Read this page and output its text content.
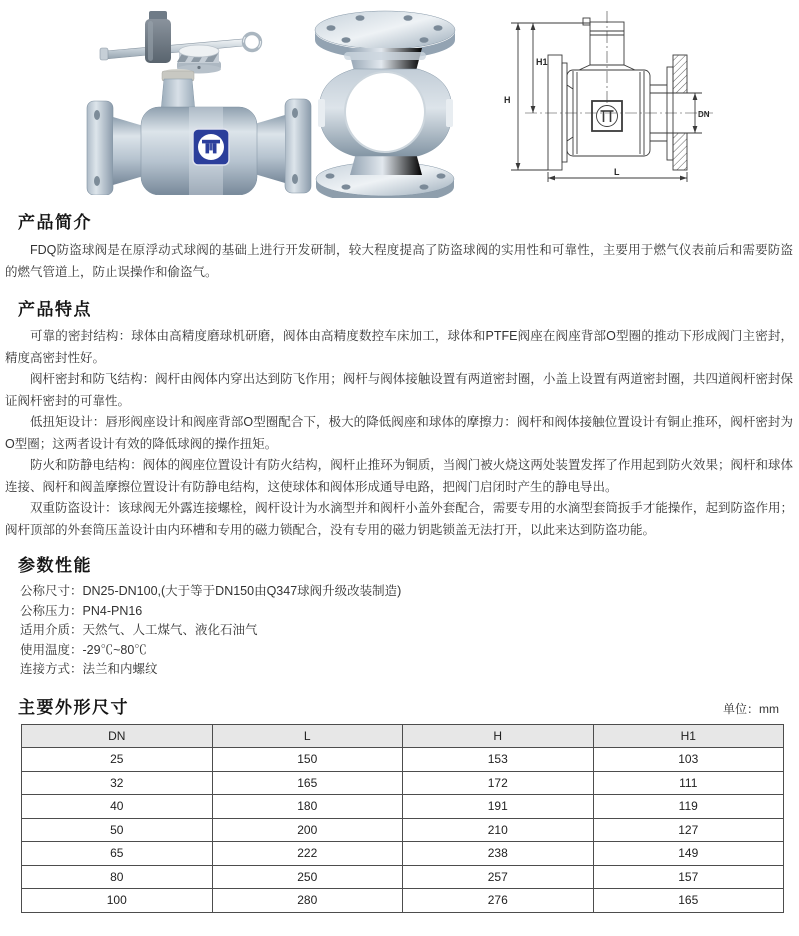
H
H1
DN
L
产品简介

FDQ防盗球阀是在原浮动式球阀的基础上进行开发研制，较大程度提高了防盗球阀的实用性和可靠性，主要用于燃气仪表前后和需要防盗的燃气管道上，防止误操作和偷盗气。

产品特点

可靠的密封结构：球体由高精度磨球机研磨，阀体由高精度数控车床加工，球体和PTFE阀座在阀座背部O型圈的推动下形成阀门主密封，精度高密封性好。

阀杆密封和防飞结构：阀杆由阀体内穿出达到防飞作用；阀杆与阀体接触设置有两道密封圈，小盖上设置有两道密封圈，共四道阀杆密封保证阀杆密封的可靠性。

低扭矩设计：唇形阀座设计和阀座背部O型圈配合下，极大的降低阀座和球体的摩擦力：阀杆和阀体接触位置设计有铜止推环，阀杆密封为O型圈；这两者设计有效的降低球阀的操作扭矩。

防火和防静电结构：阀体的阀座位置设计有防火结构，阀杆止推环为铜质，当阀门被火烧这两处装置发挥了作用起到防火效果；阀杆和球体连接、阀杆和阀盖摩擦位置设计有防静电结构，这使球体和阀体形成通导电路，把阀门启闭时产生的静电导出。

双重防盗设计：该球阀无外露连接螺栓，阀杆设计为水滴型并和阀杆小盖外套配合，需要专用的水滴型套筒扳手才能操作，起到防盗作用；阀杆顶部的外套筒压盖设计由内环槽和专用的磁力锁配合，没有专用的磁力钥匙锁盖无法打开，以此来达到防盗功能。

参数性能

公称尺寸：DN25-DN100,(大于等于DN150由Q347球阀升级改装制造)

公称压力：PN4-PN16

适用介质：天然气、人工煤气、液化石油气

使用温度：-29℃~80℃

连接方式：法兰和内螺纹

主要外形尺寸	单位：mm
DN	L	H	H1
25	150	153	103
32	165	172	111
40	180	191	119
50	200	210	127
65	222	238	149
80	250	257	157
100	280	276	165
